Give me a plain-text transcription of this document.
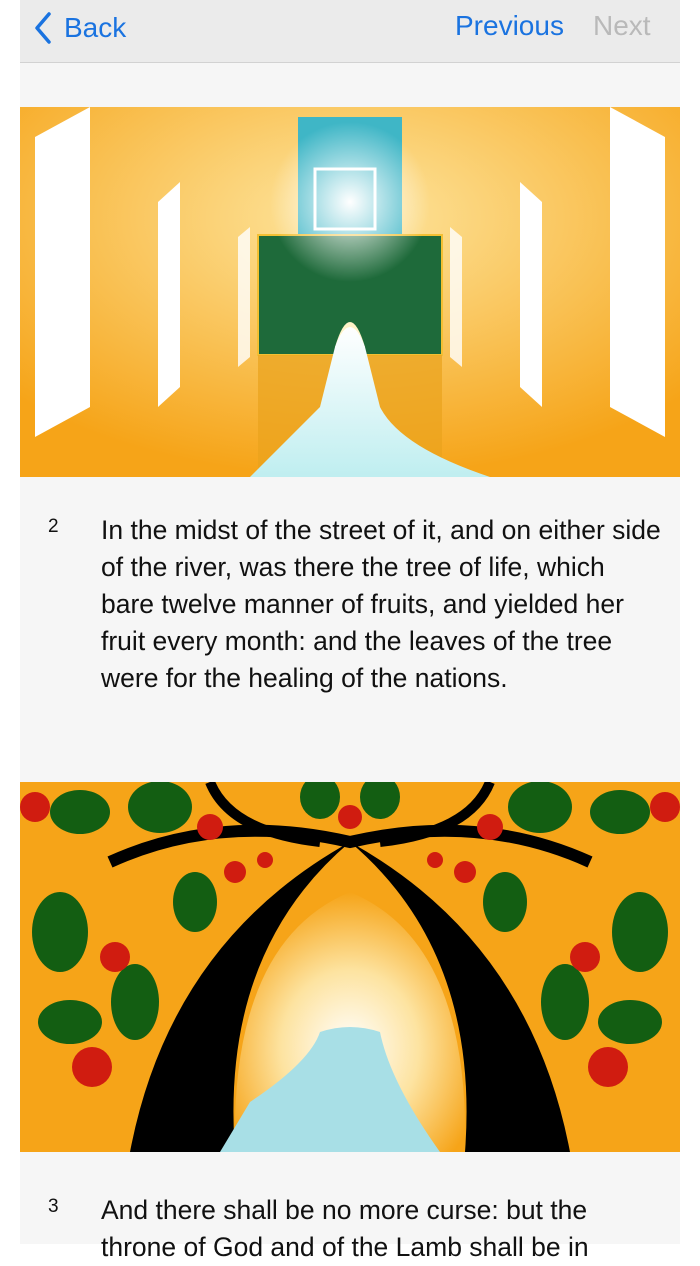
Back	Previous Next
2 In the midst of the street of it, and on either side of the river, was there the tree of life, which bare twelve manner of fruits, and yielded her fruit every month: and the leaves of the tree were for the healing of the nations.
3 And there shall be no more curse: but the throne of God and of the Lamb shall be in
